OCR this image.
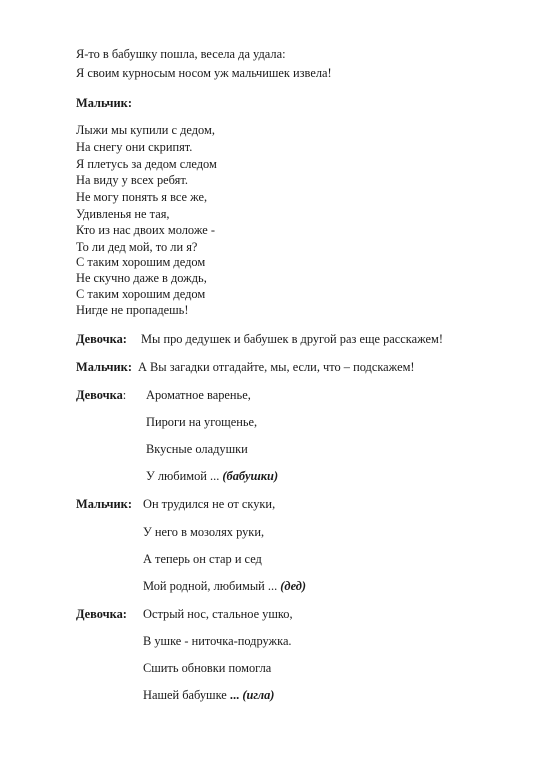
Я-то в бабушку пошла, весела да удала:
Я своим курносым носом уж мальчишек извела!
Мальчик:
Лыжи мы купили с дедом,
На снегу они скрипят.
Я плетусь за дедом следом
На виду у всех ребят.
Не могу понять я все же,
Удивленья не тая,
Кто из нас двоих моложе -
То ли дед мой, то ли я?
С таким хорошим дедом
Не скучно даже в дождь,
С таким хорошим дедом
Нигде не пропадешь!
Девочка: Мы про дедушек и бабушек в другой раз еще расскажем!
Мальчик: А Вы загадки отгадайте, мы, если, что – подскажем!
Девочка: Ароматное варенье,
Пироги на угощенье,
Вкусные оладушки
У любимой ... (бабушки)
Мальчик: Он трудился не от скуки,
У него в мозолях руки,
А теперь он стар и сед
Мой родной, любимый ... (дед)
Девочка: Острый нос, стальное ушко,
В ушке - ниточка-подружка.
Сшить обновки помогла
Нашей бабушке ... (игла)
